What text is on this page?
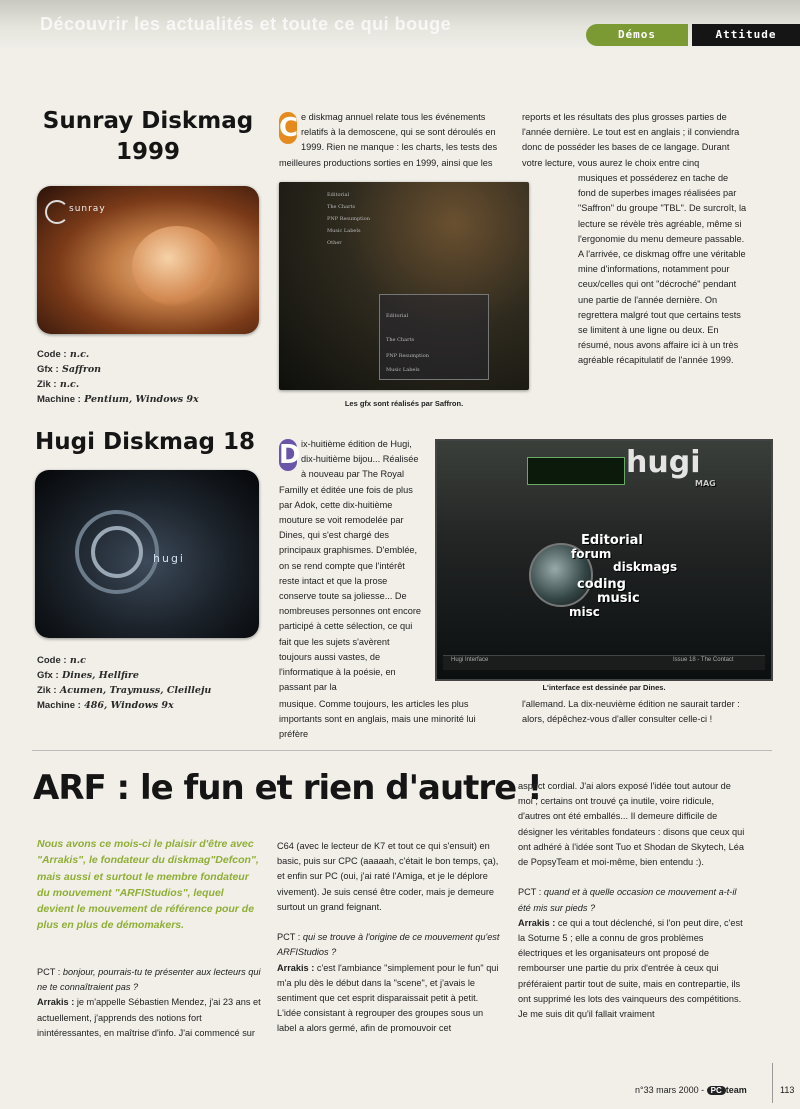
Découvrir les actualités et toute ce qui bouge
Démos	Attitude
Sunray Diskmag 1999
sunray
Code : n.c.
Gfx : Saffron
Zik : n.c.
Machine : Pentium, Windows 9x
C e diskmag annuel relate tous les événements relatifs à la demoscene, qui se sont déroulés en 1999. Rien ne manque : les charts, les tests des meilleures productions sorties en 1999, ainsi que les
reports et les résultats des plus grosses parties de l'année dernière. Le tout est en anglais ; il conviendra donc de posséder les bases de ce langage. Durant votre lecture, vous aurez le choix entre cinq
musiques et posséderez en tache de fond de superbes images réalisées par "Saffron" du groupe "TBL". De surcroît, la lecture se révèle très agréable, même si l'ergonomie du menu demeure passable. A l'arrivée, ce diskmag offre une véritable mine d'informations, notamment pour ceux/celles qui ont "décroché" pendant une partie de l'année dernière. On regrettera malgré tout que certains tests se limitent à une ligne ou deux. En résumé, nous avons affaire ici à un très agréable récapitulatif de l'année 1999.
Editorial
The Charts
PNP Resumption
Music Labels
Other
Editorial
The Charts
PNP Resumption
Music Labels
Les gfx sont réalisés par Saffron.
Hugi Diskmag 18
hugi
Code : n.c
Gfx : Dines, Hellfire
Zik : Acumen, Traymuss, Cleilleju
Machine : 486, Windows 9x
D ix-huitième édition de Hugi, dix-huitième bijou... Réalisée à nouveau par The Royal Familly et éditée une fois de plus par Adok, cette dix-huitième mouture se voit remodelée par Dines, qui s'est chargé des principaux graphismes. D'emblée, on se rend compte que l'intérêt reste intact et que la prose conserve toute sa joliesse... De nombreuses personnes ont encore participé à cette sélection, ce qui fait que les sujets s'avèrent toujours aussi vastes, de l'informatique à la poésie, en passant par la
musique. Comme toujours, les articles les plus importants sont en anglais, mais une minorité lui préfère
l'allemand. La dix-neuvième édition ne saurait tarder : alors, dépêchez-vous d'aller consulter celle-ci !
hugi
MAG
Editorial
forum
diskmags
coding
music
misc
Hugi Interface	Issue 18 - The Contact
L'interface est dessinée par Dines.
ARF : le fun et rien d'autre !
Nous avons ce mois-ci le plaisir d'être avec "Arrakis", le fondateur du diskmag"Defcon", mais aussi et surtout le membre fondateur du mouvement "ARFIStudios", lequel devient le mouvement de référence pour de plus en plus de démomakers.
PCT : bonjour, pourrais-tu te présenter aux lecteurs qui ne te connaîtraient pas ?
Arrakis : je m'appelle Sébastien Mendez, j'ai 23 ans et actuellement, j'apprends des notions fort inintéressantes, en maîtrise d'info. J'ai commencé sur
C64 (avec le lecteur de K7 et tout ce qui s'ensuit) en basic, puis sur CPC (aaaaah, c'était le bon temps, ça), et enfin sur PC (oui, j'ai raté l'Amiga, et je le déplore vivement). Je suis censé être coder, mais je demeure surtout un grand feignant.

PCT : qui se trouve à l'origine de ce mouvement qu'est ARFIStudios ?
Arrakis : c'est l'ambiance "simplement pour le fun" qui m'a plu dès le début dans la "scene", et j'avais le sentiment que cet esprit disparaissait petit à petit. L'idée consistant à regrouper des groupes sous un label a alors germé, afin de promouvoir cet
aspect cordial. J'ai alors exposé l'idée tout autour de moi ; certains ont trouvé ça inutile, voire ridicule, d'autres ont été emballés... Il demeure difficile de désigner les véritables fondateurs : disons que ceux qui ont adhéré à l'idée sont Tuo et Shodan de Skytech, Léa de PopsyTeam et moi-même, bien entendu :).

PCT : quand et à quelle occasion ce mouvement a-t-il été mis sur pieds ?
Arrakis : ce qui a tout déclenché, si l'on peut dire, c'est la Soturne 5 ; elle a connu de gros problèmes électriques et les organisateurs ont proposé de rembourser une partie du prix d'entrée à ceux qui préféraient partir tout de suite, mais en contrepartie, ils ont supprimé les lots des vainqueurs des compétitions. Je me suis dit qu'il fallait vraiment
n°33 mars 2000 - PC team	113
